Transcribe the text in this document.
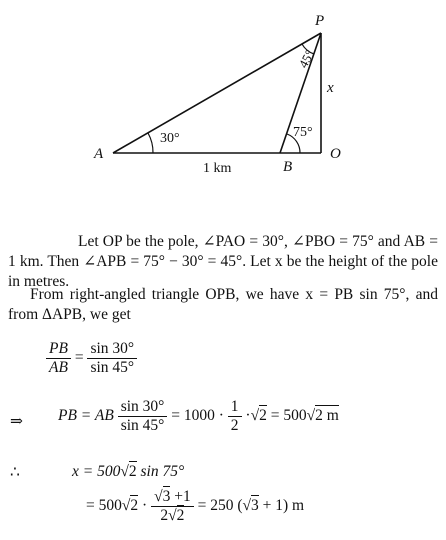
P
A
B
O
x
30°	75°
45°
1 km
Let OP be the pole, ∠PAO = 30°, ∠PBO = 75° and AB = 1 km. Then ∠APB = 75° − 30° = 45°. Let x be the height of the pole in metres.
From right-angled triangle OPB, we have x = PB sin 75°, and from ΔAPB, we get
$\frac{PB}{AB} = \frac{\sin 30^\circ}{\sin 45^\circ}$
⇒ PB = AB $\frac{\sin 30^\circ}{\sin 45^\circ} = 1000 \cdot \frac{1}{2} \cdot√2 = 500√2$ m
∴	x = 500√2 sin 75°
= $500√2 \cdot \frac{√3 +1}{2√2} = 250$ (√3 + 1) m
